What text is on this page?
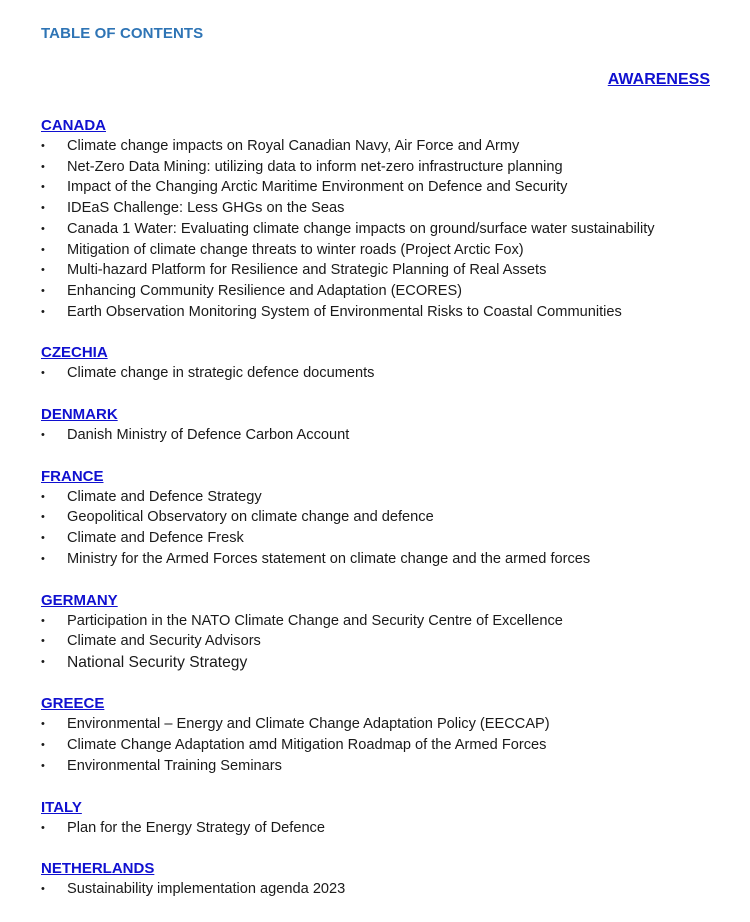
TABLE OF CONTENTS
AWARENESS
CANADA
• Climate change impacts on Royal Canadian Navy, Air Force and Army
• Net-Zero Data Mining: utilizing data to inform net-zero infrastructure planning
• Impact of the Changing Arctic Maritime Environment on Defence and Security
• IDEaS Challenge: Less GHGs on the Seas
• Canada 1 Water: Evaluating climate change impacts on ground/surface water sustainability
• Mitigation of climate change threats to winter roads (Project Arctic Fox)
• Multi-hazard Platform for Resilience and Strategic Planning of Real Assets
• Enhancing Community Resilience and Adaptation (ECORES)
• Earth Observation Monitoring System of Environmental Risks to Coastal Communities
CZECHIA
• Climate change in strategic defence documents
DENMARK
• Danish Ministry of Defence Carbon Account
FRANCE
• Climate and Defence Strategy
• Geopolitical Observatory on climate change and defence
• Climate and Defence Fresk
• Ministry for the Armed Forces statement on climate change and the armed forces
GERMANY
• Participation in the NATO Climate Change and Security Centre of Excellence
• Climate and Security Advisors
• National Security Strategy
GREECE
• Environmental – Energy and Climate Change Adaptation Policy (EECCAP)
• Climate Change Adaptation amd Mitigation Roadmap of the Armed Forces
• Environmental Training Seminars
ITALY
• Plan for the Energy Strategy of Defence
NETHERLANDS
• Sustainability implementation agenda 2023
